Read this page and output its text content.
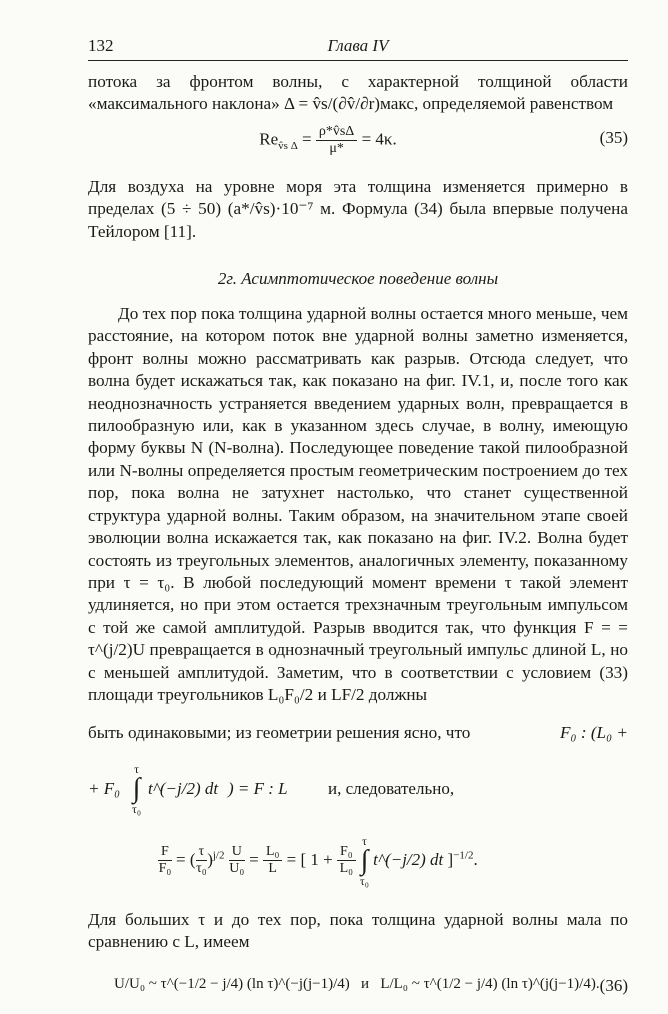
132	Глава IV

потока за фронтом волны, с характерной толщиной области «максимального наклона» Δ = v̂s/(∂v̂/∂r)макс, определяемой равенством

$Re_{v̂s \Delta} = \frac{\rho*v̂s\Delta}{\mu*} = 4\kappa$.	(35)

Для воздуха на уровне моря эта толщина изменяется примерно в пределах (5 ÷ 50) (a*/v̂s)·10⁻⁷ м. Формула (34) была впервые получена Тейлором [11].

2г. Асимптотическое поведение волны

До тех пор пока толщина ударной волны остается много меньше, чем расстояние, на котором поток вне ударной волны заметно изменяется, фронт волны можно рассматривать как разрыв. Отсюда следует, что волна будет искажаться так, как показано на фиг. IV.1, и, после того как неоднозначность устраняется введением ударных волн, превращается в пилообразную или, как в указанном здесь случае, в волну, имеющую форму буквы N (N-волна). Последующее поведение такой пилообразной или N-волны определяется простым геометрическим построением до тех пор, пока волна не затухнет настолько, что станет существенной структура ударной волны. Таким образом, на значительном этапе своей эволюции волна искажается так, как показано на фиг. IV.2. Волна будет состоять из треугольных элементов, аналогичных элементу, показанному при τ = τ₀. В любой последующий момент времени τ такой элемент удлиняется, но при этом остается трехзначным треугольным импульсом с той же самой амплитудой. Разрыв вводится так, что функция F = = τ^(j/2)U превращается в однозначный треугольный импульс длиной L, но с меньшей амплитудой. Заметим, что в соответствии с условием (33) площади треугольников L₀F₀/2 и LF/2 должны

быть одинаковыми; из геометрии решения ясно, что	F₀ : (L₀ +

+ F₀
τ
∫
τ₀
t^(−j/2) dt ) = F : L и, следовательно,
$\frac{F}{\text{F₀}}$ = ( $\frac{\tau}{\text{τ₀}} )^{j/2} \frac{U}{\text{U₀}} = \frac{\text{L₀}}{L}$ = [ $1 + \frac{\text{F₀}}{\text{L₀}}$
τ
∫
τ₀ t^(−j/2) dt ]$^{-1/2}$.

Для больших τ и до тех пор, пока толщина ударной волны мала по сравнению с L, имеем

U/U₀ ~ τ^(−1/2 − j/4) (ln τ)^(−j(j−1)/4) и L/L₀ ~ τ^(1/2 − j/4) (ln τ)^(j(j−1)/4). (36)
